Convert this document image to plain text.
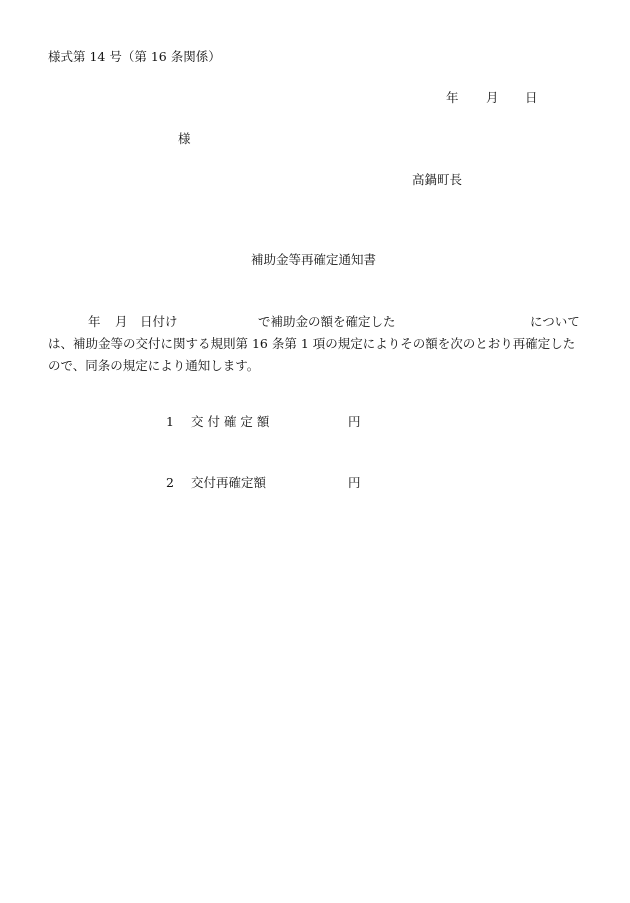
様式第 14 号（第 16 条関係）
年 月 日
様
高鍋町長
補助金等再確定通知書
年 月 日付け	で補助金の額を確定した	について
は、補助金等の交付に関する規則第 16 条第 1 項の規定によりその額を次のとおり再確定した
ので、同条の規定により通知します。
1 交 付 確 定 額	円
2 交付再確定額	円
